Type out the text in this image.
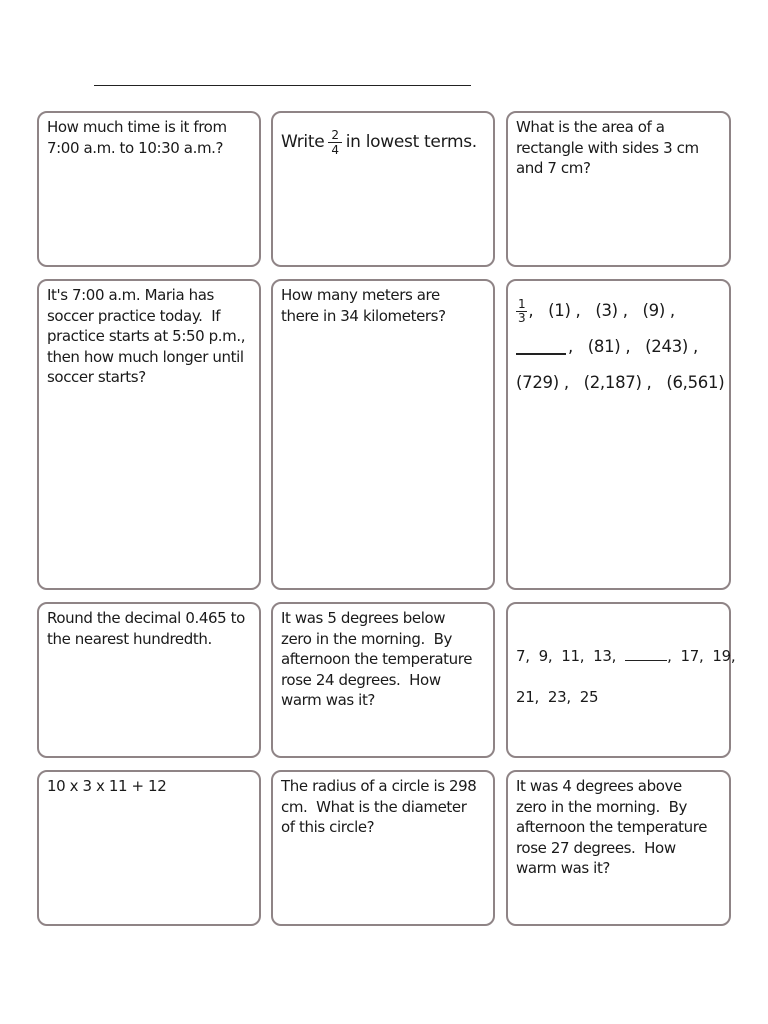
How much time is it from
7:00 a.m. to 10:30 a.m.?	Write $\frac{2}{4}$ in lowest terms.
What is the area of a
rectangle with sides 3 cm
and 7 cm?
It's 7:00 a.m. Maria has
soccer practice today.  If
practice starts at 5:50 p.m.,
then how much longer until
soccer starts?
How many meters are
there in 34 kilometers?	$\frac{1}{3}$ ,   (1) ,   (3) ,   (9) ,
,   (81) ,   (243) ,
(729) ,   (2,187) ,   (6,561)
Round the decimal 0.465 to
the nearest hundredth.
It was 5 degrees below
zero in the morning.  By
afternoon the temperature
rose 24 degrees.  How
warm was it?
7,  9,  11,  13,	,  17,  19,
21,  23,  25
10 x 3 x 11 + 12	The radius of a circle is 298
cm.  What is the diameter
of this circle?
It was 4 degrees above
zero in the morning.  By
afternoon the temperature
rose 27 degrees.  How
warm was it?
